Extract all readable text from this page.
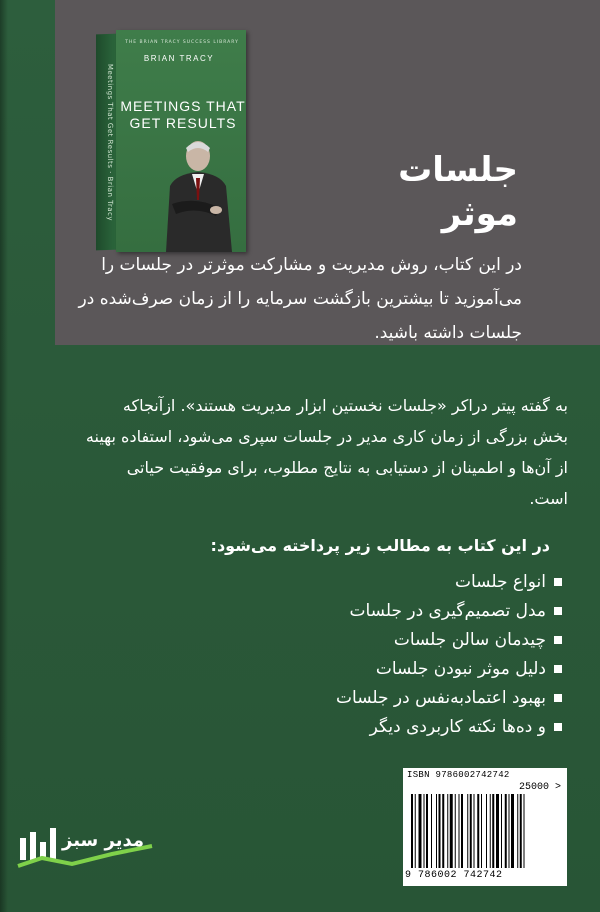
Meetings That Get Results · Brian Tracy
THE BRIAN TRACY SUCCESS LIBRARY
BRIAN TRACY
MEETINGS THAT
GET RESULTS
جلسات
موثر
در این کتاب، روش مدیریت و مشارکت موثرتر در جلسات را
می‌آموزید تا بیشترین بازگشت سرمایه را از زمان صرف‌شده در
جلسات داشته باشید.
به گفته پیتر دراکر «جلسات نخستین ابزار مدیریت هستند». ازآنجاکه
بخش بزرگی از زمان کاری مدیر در جلسات سپری می‌شود، استفاده بهینه
از آن‌ها و اطمینان از دستیابی به نتایج مطلوب، برای موفقیت حیاتی
است.
در این کتاب به مطالب زیر پرداخته می‌شود:
انواع جلسات
مدل تصمیم‌گیری در جلسات
چیدمان سالن جلسات
دلیل موثر نبودن جلسات
بهبود اعتمادبه‌نفس در جلسات
و ده‌ها نکته کاربردی دیگر
ISBN 9786002742742
25000 >
9 786002 742742
مدیر سبز
